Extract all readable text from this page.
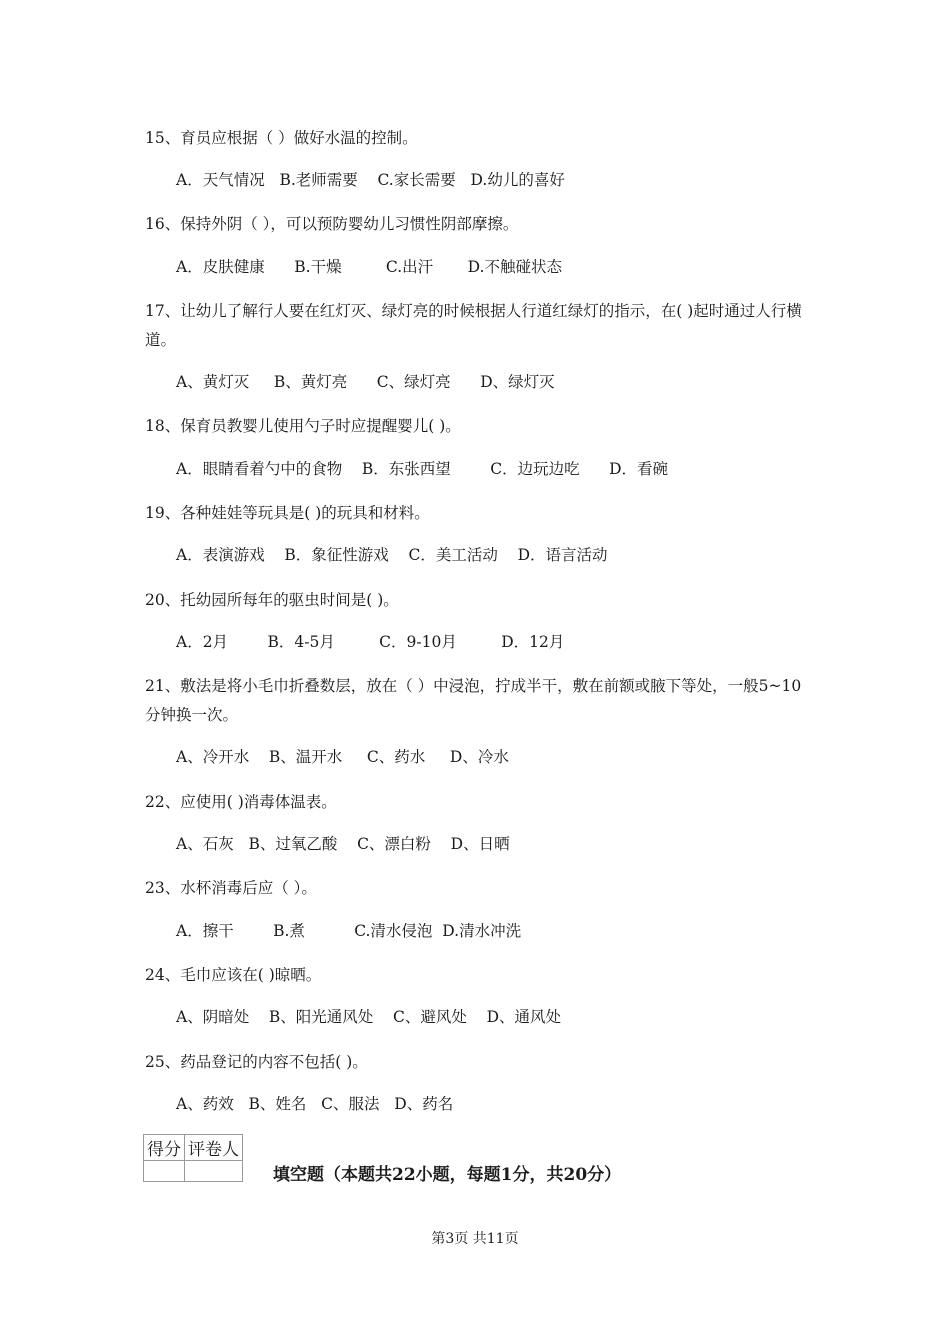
15、育员应根据（ ）做好水温的控制。
A．天气情况   B.老师需要    C.家长需要   D.幼儿的喜好
16、保持外阴（ ），可以预防婴幼儿习惯性阴部摩擦。
A．皮肤健康      B.干燥         C.出汗       D.不触碰状态
17、让幼儿了解行人要在红灯灭、绿灯亮的时候根据人行道红绿灯的指示，在( )起时通过人行横道。
A、黄灯灭     B、黄灯亮      C、绿灯亮      D、绿灯灭
18、保育员教婴儿使用勺子时应提醒婴儿( )。
A．眼睛看着勺中的食物    B．东张西望        C．边玩边吃      D．看碗
19、各种娃娃等玩具是( )的玩具和材料。
A．表演游戏    B．象征性游戏    C．美工活动    D．语言活动
20、托幼园所每年的驱虫时间是( )。
A．2月        B．4-5月         C．9-10月         D．12月
21、敷法是将小毛巾折叠数层，放在（ ）中浸泡，拧成半干，敷在前额或腋下等处，一般5~10分钟换一次。
A、冷开水    B、温开水     C、药水     D、冷水
22、应使用( )消毒体温表。
A、石灰   B、过氧乙酸    C、漂白粉    D、日晒
23、水杯消毒后应（ ）。
A．擦干        B.煮          C.清水侵泡  D.清水冲洗
24、毛巾应该在( )晾晒。
A、阴暗处    B、阳光通风处    C、避风处    D、通风处
25、药品登记的内容不包括( )。
A、药效   B、姓名   C、服法   D、药名
得分	评卷人

填空题（本题共22小题，每题1分，共20分）
第3页 共11页
